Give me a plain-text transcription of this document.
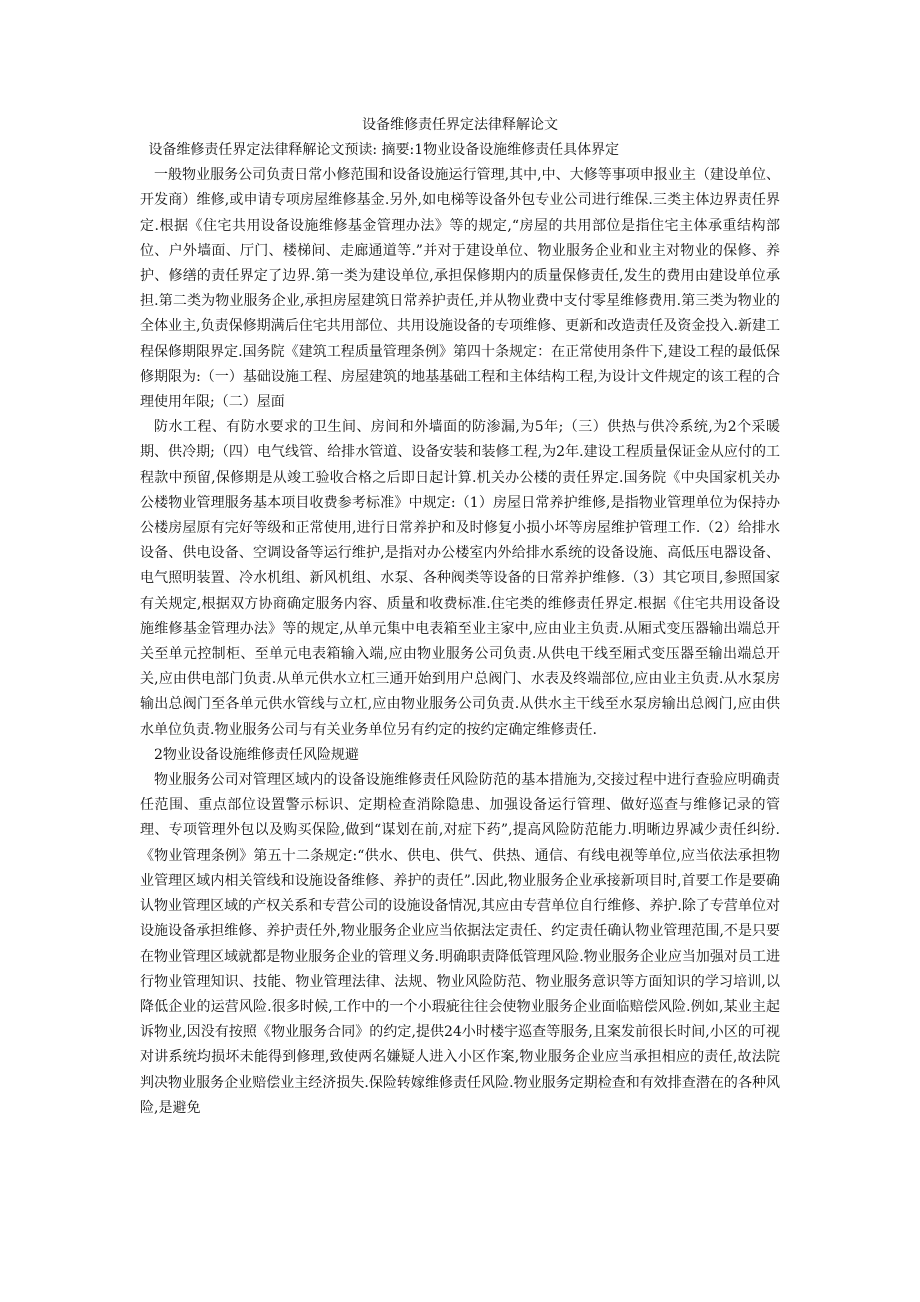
设备维修责任界定法律释解论文

设备维修责任界定法律释解论文预读: 摘要:1物业设备设施维修责任具体界定

一般物业服务公司负责日常小修范围和设备设施运行管理,其中,中、大修等事项申报业主（建设单位、开发商）维修,或申请专项房屋维修基金.另外,如电梯等设备外包专业公司进行维保.三类主体边界责任界定.根据《住宅共用设备设施维修基金管理办法》等的规定,“房屋的共用部位是指住宅主体承重结构部位、户外墙面、厅门、楼梯间、走廊通道等.”并对于建设单位、物业服务企业和业主对物业的保修、养护、修缮的责任界定了边界.第一类为建设单位,承担保修期内的质量保修责任,发生的费用由建设单位承担.第二类为物业服务企业,承担房屋建筑日常养护责任,并从物业费中支付零星维修费用.第三类为物业的全体业主,负责保修期满后住宅共用部位、共用设施设备的专项维修、更新和改造责任及资金投入.新建工程保修期限界定.国务院《建筑工程质量管理条例》第四十条规定：在正常使用条件下,建设工程的最低保修期限为:（一）基础设施工程、房屋建筑的地基基础工程和主体结构工程,为设计文件规定的该工程的合理使用年限;（二）屋面

防水工程、有防水要求的卫生间、房间和外墙面的防渗漏,为5年;（三）供热与供冷系统,为2个采暖期、供冷期;（四）电气线管、给排水管道、设备安装和装修工程,为2年.建设工程质量保证金从应付的工程款中预留,保修期是从竣工验收合格之后即日起计算.机关办公楼的责任界定.国务院《中央国家机关办公楼物业管理服务基本项目收费参考标准》中规定:（1）房屋日常养护维修,是指物业管理单位为保持办公楼房屋原有完好等级和正常使用,进行日常养护和及时修复小损小坏等房屋维护管理工作.（2）给排水设备、供电设备、空调设备等运行维护,是指对办公楼室内外给排水系统的设备设施、高低压电器设备、电气照明装置、冷水机组、新风机组、水泵、各种阀类等设备的日常养护维修.（3）其它项目,参照国家有关规定,根据双方协商确定服务内容、质量和收费标准.住宅类的维修责任界定.根据《住宅共用设备设施维修基金管理办法》等的规定,从单元集中电表箱至业主家中,应由业主负责.从厢式变压器输出端总开关至单元控制柜、至单元电表箱输入端,应由物业服务公司负责.从供电干线至厢式变压器至输出端总开关,应由供电部门负责.从单元供水立杠三通开始到用户总阀门、水表及终端部位,应由业主负责.从水泵房输出总阀门至各单元供水管线与立杠,应由物业服务公司负责.从供水主干线至水泵房输出总阀门,应由供水单位负责.物业服务公司与有关业务单位另有约定的按约定确定维修责任.

2物业设备设施维修责任风险规避

物业服务公司对管理区域内的设备设施维修责任风险防范的基本措施为,交接过程中进行查验应明确责任范围、重点部位设置警示标识、定期检查消除隐患、加强设备运行管理、做好巡查与维修记录的管理、专项管理外包以及购买保险,做到“谋划在前,对症下药”,提高风险防范能力.明晰边界减少责任纠纷.《物业管理条例》第五十二条规定:“供水、供电、供气、供热、通信、有线电视等单位,应当依法承担物业管理区域内相关管线和设施设备维修、养护的责任”.因此,物业服务企业承接新项目时,首要工作是要确认物业管理区域的产权关系和专营公司的设施设备情况,其应由专营单位自行维修、养护.除了专营单位对设施设备承担维修、养护责任外,物业服务企业应当依据法定责任、约定责任确认物业管理范围,不是只要在物业管理区域就都是物业服务企业的管理义务.明确职责降低管理风险.物业服务企业应当加强对员工进行物业管理知识、技能、物业管理法律、法规、物业风险防范、物业服务意识等方面知识的学习培训,以降低企业的运营风险.很多时候,工作中的一个小瑕疵往往会使物业服务企业面临赔偿风险.例如,某业主起诉物业,因没有按照《物业服务合同》的约定,提供24小时楼宇巡查等服务,且案发前很长时间,小区的可视对讲系统均损坏未能得到修理,致使两名嫌疑人进入小区作案,物业服务企业应当承担相应的责任,故法院判决物业服务企业赔偿业主经济损失.保险转嫁维修责任风险.物业服务定期检查和有效排查潜在的各种风险,是避免
